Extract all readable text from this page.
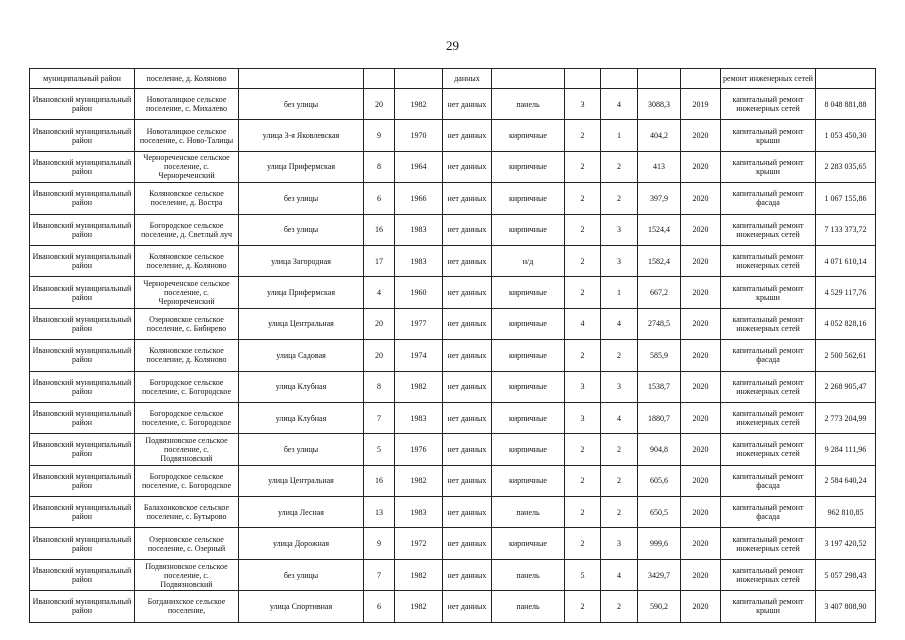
29
муниципальный район	поселение, д. Коляново				данных						ремонт инженерных сетей	
Ивановский муниципальный район	Новоталицкое сельское поселение, с. Михалево	без улицы	20	1982	нет данных	панель	3	4	3088,3	2019	капитальный ремонт инженерных сетей	8 048 881,88
Ивановский муниципальный район	Новоталицкое сельское поселение, с. Ново-Талицы	улица 3-я Яковлевская	9	1970	нет данных	кирпичные	2	1	404,2	2020	капитальный ремонт крыши	1 053 450,30
Ивановский муниципальный район	Чернореченское сельское поселение, с. Чернореченский	улица Прифермская	8	1964	нет данных	кирпичные	2	2	413	2020	капитальный ремонт крыши	2 283 035,65
Ивановский муниципальный район	Коляновское сельское поселение, д. Востра	без улицы	6	1966	нет данных	кирпичные	2	2	397,9	2020	капитальный ремонт фасада	1 067 155,86
Ивановский муниципальный район	Богородское сельское поселение, д. Светлый луч	без улицы	16	1983	нет данных	кирпичные	2	3	1524,4	2020	капитальный ремонт инженерных сетей	7 133 373,72
Ивановский муниципальный район	Коляновское сельское поселение, д. Коляново	улица Загородная	17	1983	нет данных	н/д	2	3	1582,4	2020	капитальный ремонт инженерных сетей	4 071 610,14
Ивановский муниципальный район	Чернореченское сельское поселение, с. Чернореченский	улица Прифермская	4	1960	нет данных	кирпичные	2	1	667,2	2020	капитальный ремонт крыши	4 529 117,76
Ивановский муниципальный район	Озерновское сельское поселение, с. Бибирево	улица Центральная	20	1977	нет данных	кирпичные	4	4	2748,5	2020	капитальный ремонт инженерных сетей	4 052 828,16
Ивановский муниципальный район	Коляновское сельское поселение, д. Коляново	улица Садовая	20	1974	нет данных	кирпичные	2	2	585,9	2020	капитальный ремонт фасада	2 500 562,61
Ивановский муниципальный район	Богородское сельское поселение, с. Богородское	улица Клубная	8	1982	нет данных	кирпичные	3	3	1538,7	2020	капитальный ремонт инженерных сетей	2 268 905,47
Ивановский муниципальный район	Богородское сельское поселение, с. Богородское	улица Клубная	7	1983	нет данных	кирпичные	3	4	1880,7	2020	капитальный ремонт инженерных сетей	2 773 204,99
Ивановский муниципальный район	Подвязновское сельское поселение, с. Подвязновский	без улицы	5	1976	нет данных	кирпичные	2	2	904,8	2020	капитальный ремонт инженерных сетей	9 284 111,96
Ивановский муниципальный район	Богородское сельское поселение, с. Богородское	улица Центральная	16	1982	нет данных	кирпичные	2	2	605,6	2020	капитальный ремонт фасада	2 584 640,24
Ивановский муниципальный район	Балахонковское сельское поселение, с. Бутырово	улица Лесная	13	1983	нет данных	панель	2	2	650,5	2020	капитальный ремонт фасада	962 810,85
Ивановский муниципальный район	Озерновское сельское поселение, с. Озерный	улица Дорожная	9	1972	нет данных	кирпичные	2	3	999,6	2020	капитальный ремонт инженерных сетей	3 197 420,52
Ивановский муниципальный район	Подвязновское сельское поселение, с. Подвязновский	без улицы	7	1982	нет данных	панель	5	4	3429,7	2020	капитальный ремонт инженерных сетей	5 057 298,43
Ивановский муниципальный район	Богданихское сельское поселение,	улица Спортивная	6	1982	нет данных	панель	2	2	590,2	2020	капитальный ремонт крыши	3 407 808,90
